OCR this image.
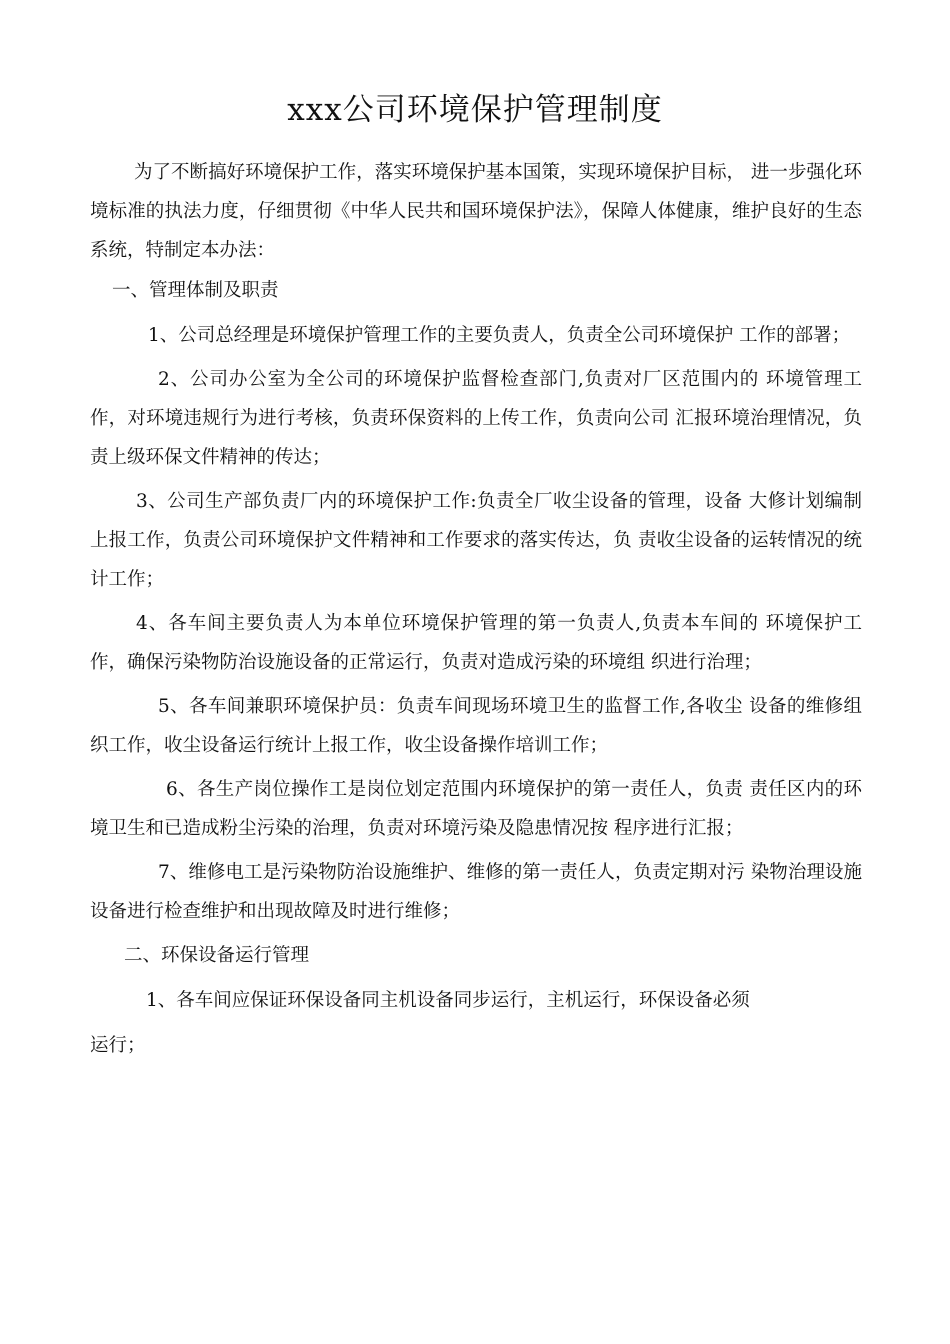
xxx公司环境保护管理制度

为了不断搞好环境保护工作，落实环境保护基本国策，实现环境保护目标， 进一步强化环境标准的执法力度，仔细贯彻《中华人民共和国环境保护法》，保障人体健康，维护良好的生态系统，特制定本办法：

一、管理体制及职责

1、公司总经理是环境保护管理工作的主要负责人，负责全公司环境保护 工作的部署；

2、公司办公室为全公司的环境保护监督检查部门,负责对厂区范围内的 环境管理工作，对环境违规行为进行考核，负责环保资料的上传工作，负责向公司 汇报环境治理情况，负责上级环保文件精神的传达；

3、公司生产部负责厂内的环境保护工作:负责全厂收尘设备的管理，设备 大修计划编制上报工作，负责公司环境保护文件精神和工作要求的落实传达，负 责收尘设备的运转情况的统计工作；

4、各车间主要负责人为本单位环境保护管理的第一负责人,负责本车间的 环境保护工作，确保污染物防治设施设备的正常运行，负责对造成污染的环境组 织进行治理；

5、各车间兼职环境保护员：负责车间现场环境卫生的监督工作,各收尘 设备的维修组织工作，收尘设备运行统计上报工作，收尘设备操作培训工作；

6、各生产岗位操作工是岗位划定范围内环境保护的第一责任人，负责 责任区内的环境卫生和已造成粉尘污染的治理，负责对环境污染及隐患情况按 程序进行汇报；

7、维修电工是污染物防治设施维护、维修的第一责任人，负责定期对污 染物治理设施设备进行检查维护和出现故障及时进行维修；

二、环保设备运行管理

1、各车间应保证环保设备同主机设备同步运行，主机运行，环保设备必须
运行；
